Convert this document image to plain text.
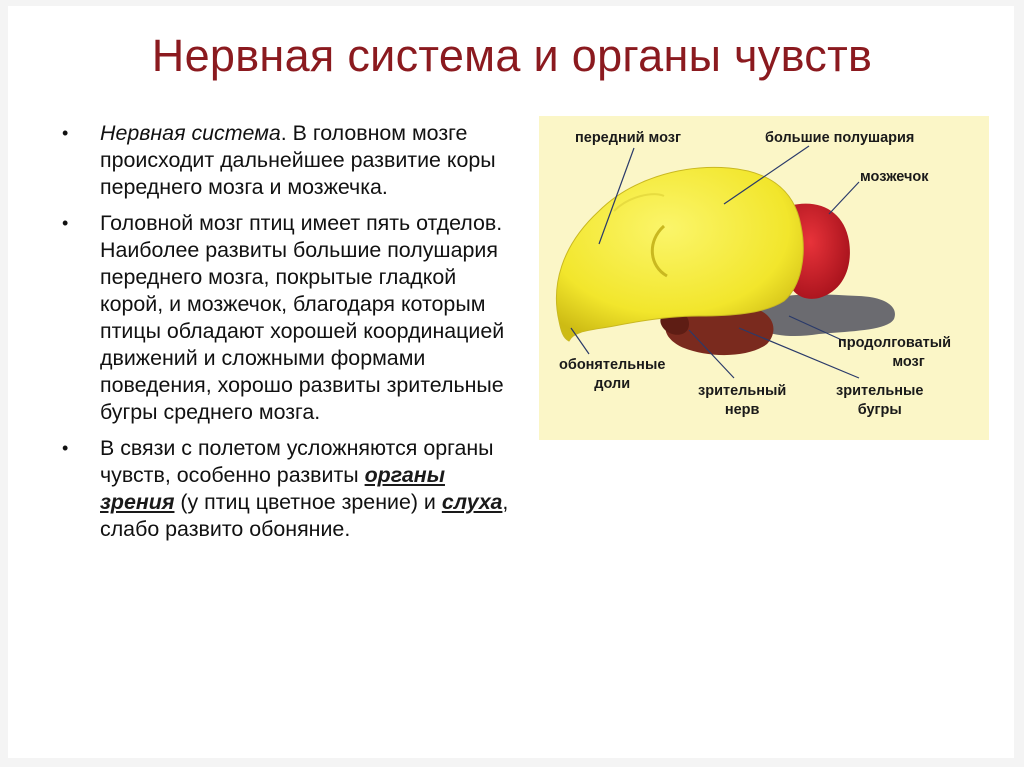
Нервная система и органы чувств
• Нервная система. В головном мозге происходит дальнейшее развитие коры переднего мозга и мозжечка.
• Головной мозг птиц имеет пять отделов. Наиболее развиты большие полушария переднего мозга, покрытые гладкой корой, и мозжечок, благодаря которым птицы обладают хорошей координацией движений и сложными формами поведения, хорошо развиты зрительные бугры среднего мозга.
• В связи с полетом усложняются органы чувств, особенно развиты органы зрения (у птиц цветное зрение) и слуха, слабо развито обоняние.
передний мозг	большие полушария
мозжечок
продолговатый
мозг
обонятельные
доли	зрительный
нерв
зрительные
бугры
